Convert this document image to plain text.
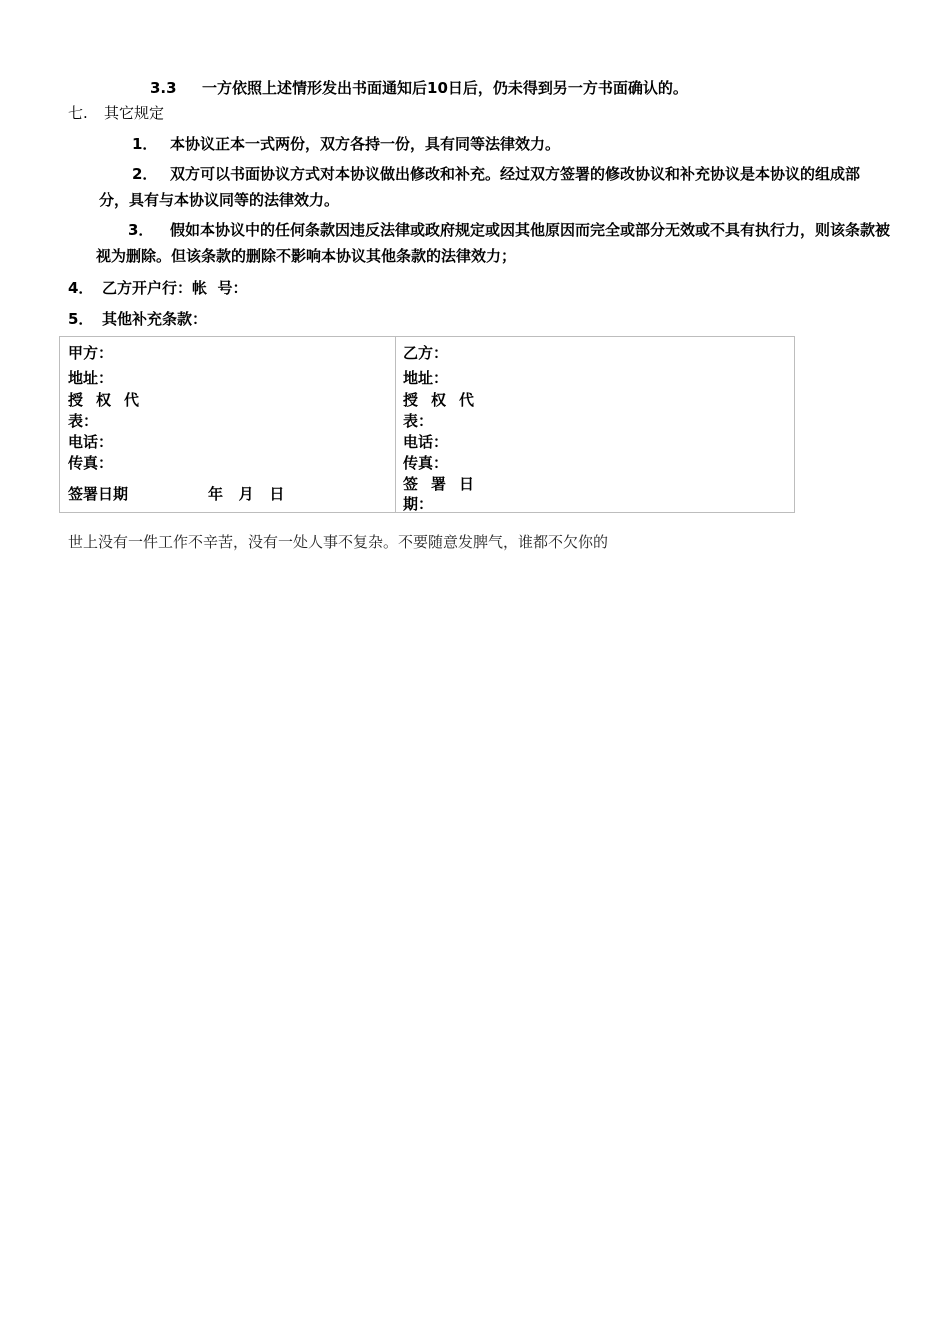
3.3 一方依照上述情形发出书面通知后10日后，仍未得到另一方书面确认的。
七. 其它规定
1． 本协议正本一式两份，双方各持一份，具有同等法律效力。
2． 双方可以书面协议方式对本协议做出修改和补充。经过双方签署的修改协议和补充协议是本协议的组成部分，具有与本协议同等的法律效力。
3． 假如本协议中的任何条款因违反法律或政府规定或因其他原因而完全或部分无效或不具有执行力，则该条款被视为删除。但该条款的删除不影响本协议其他条款的法律效力；
4． 乙方开户行：帐  号：
5． 其他补充条款：
甲方：
地址：
授权代
表：
电话：
传真：
签署日期	年   月   日
乙方：
地址：
授权代
表：
电话：
传真：
签署日
期：
世上没有一件工作不辛苦，没有一处人事不复杂。不要随意发脾气，谁都不欠你的
